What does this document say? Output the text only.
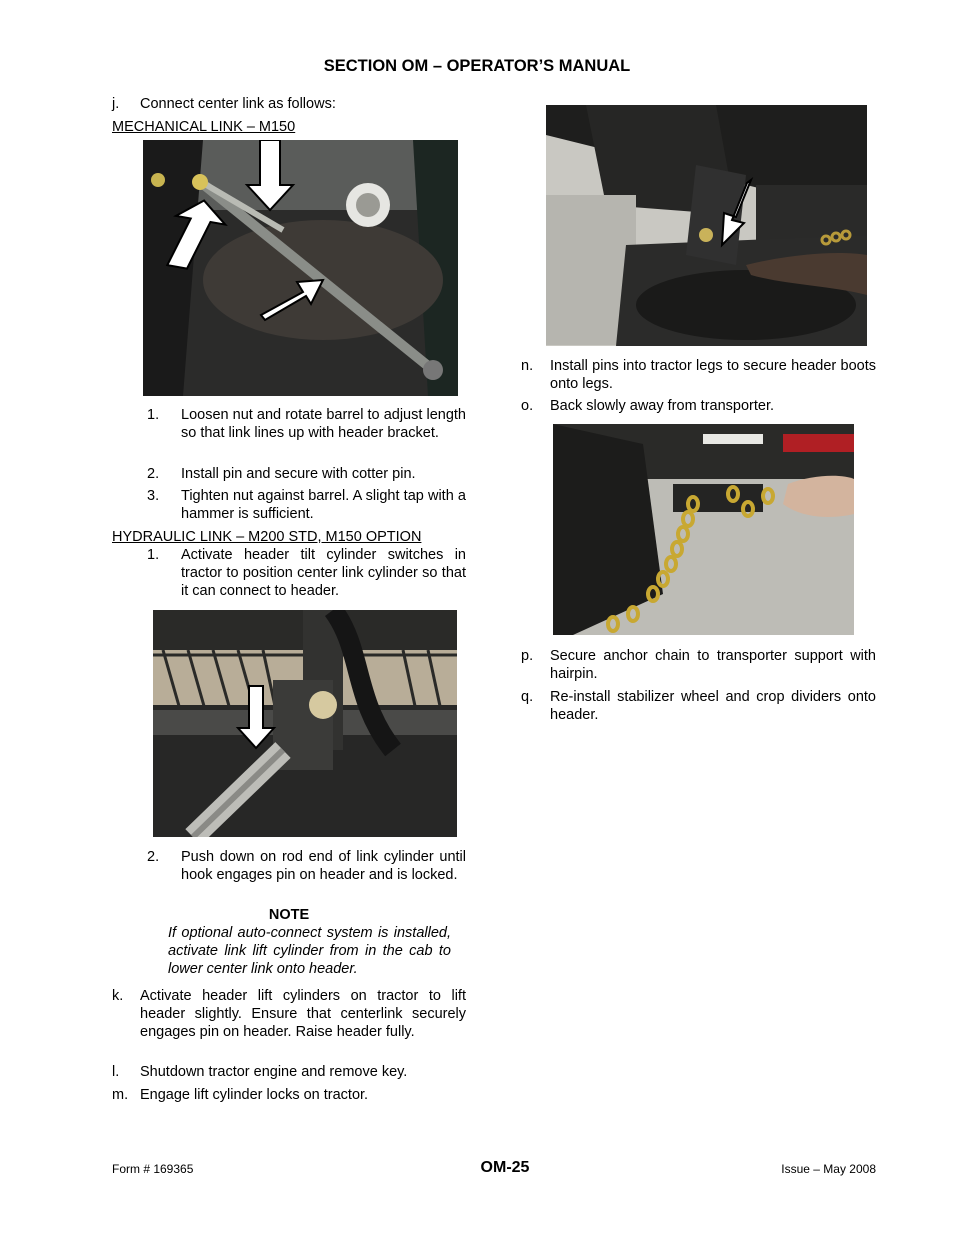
SECTION OM – OPERATOR’S MANUAL
j. Connect center link as follows:
MECHANICAL LINK – M150
1. Loosen nut and rotate barrel to adjust length so that link lines up with header bracket.
2. Install pin and secure with cotter pin.
3. Tighten nut against barrel. A slight tap with a hammer is sufficient.
HYDRAULIC LINK – M200 STD, M150 OPTION
1. Activate header tilt cylinder switches in tractor to position center link cylinder so that it can connect to header.
2. Push down on rod end of link cylinder until hook engages pin on header and is locked.
NOTE
If optional auto-connect system is installed, activate link lift cylinder from in the cab to lower center link onto header.
k. Activate header lift cylinders on tractor to lift header slightly. Ensure that centerlink securely engages pin on header. Raise header fully.
l. Shutdown tractor engine and remove key.
m. Engage lift cylinder locks on tractor.
n. Install pins into tractor legs to secure header boots onto legs.
o. Back slowly away from transporter.
p. Secure anchor chain to transporter support with hairpin.
q. Re-install stabilizer wheel and crop dividers onto header.
Form # 169365	OM-25	Issue – May 2008
